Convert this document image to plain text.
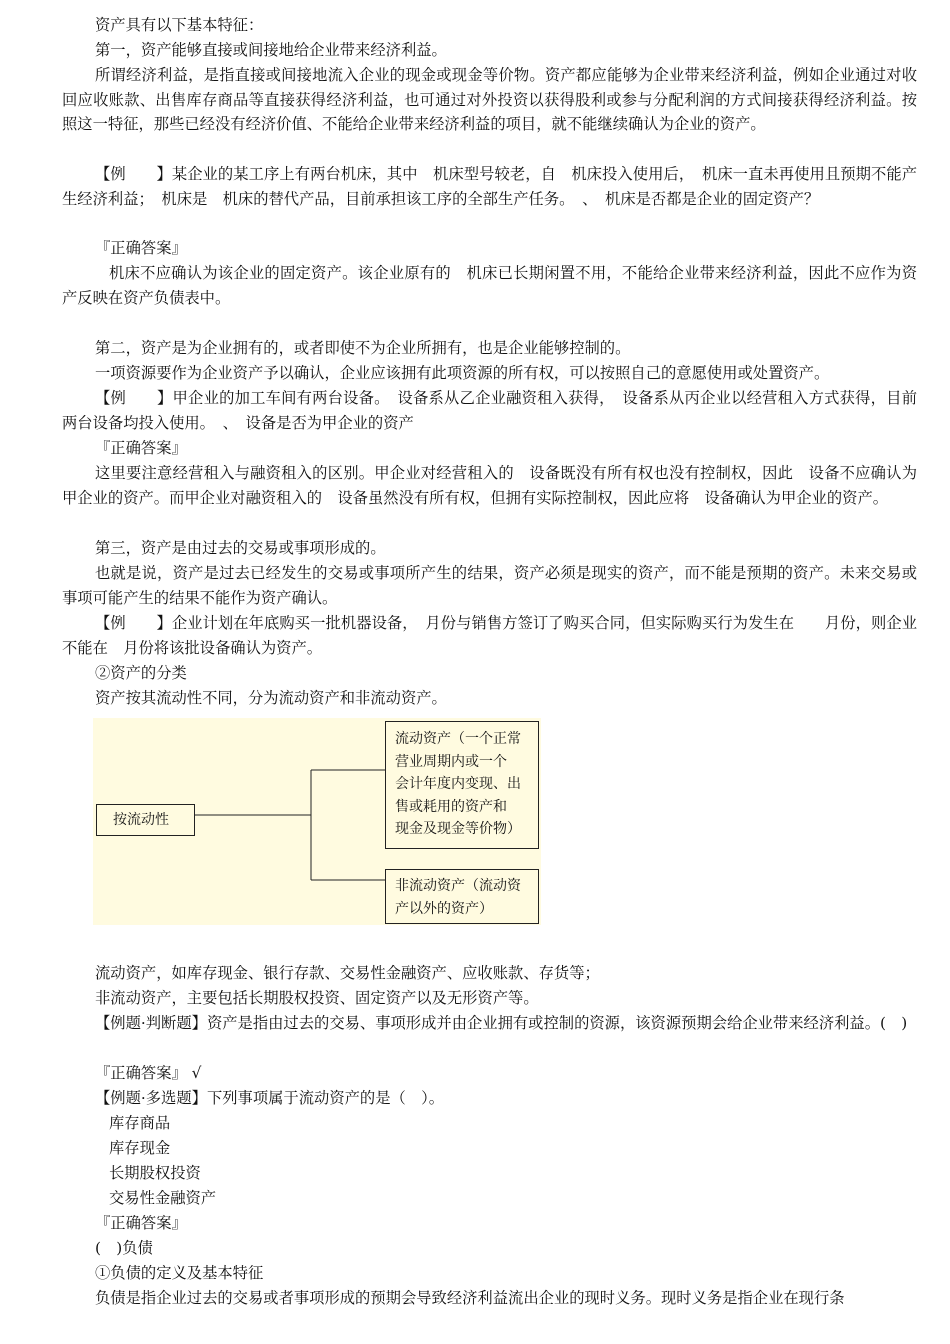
资产具有以下基本特征：
第一，资产能够直接或间接地给企业带来经济利益。
所谓经济利益，是指直接或间接地流入企业的现金或现金等价物。资产都应能够为企业带来经济利益，例如企业通过对收回应收账款、出售库存商品等直接获得经济利益，也可通过对外投资以获得股利或参与分配利润的方式间接获得经济利益。按照这一特征，那些已经没有经济价值、不能给企业带来经济利益的项目，就不能继续确认为企业的资产。
【例　　】某企业的某工序上有两台机床，其中　机床型号较老，自　机床投入使用后，　机床一直未再使用且预期不能产生经济利益；　机床是　机床的替代产品，目前承担该工序的全部生产任务。　、　机床是否都是企业的固定资产？
『正确答案』
机床不应确认为该企业的固定资产。该企业原有的　机床已长期闲置不用，不能给企业带来经济利益，因此不应作为资产反映在资产负债表中。
第二，资产是为企业拥有的，或者即使不为企业所拥有，也是企业能够控制的。
一项资源要作为企业资产予以确认，企业应该拥有此项资源的所有权，可以按照自己的意愿使用或处置资产。
【例　　】甲企业的加工车间有两台设备。　设备系从乙企业融资租入获得，　设备系从丙企业以经营租入方式获得，目前两台设备均投入使用。　、　设备是否为甲企业的资产
『正确答案』
这里要注意经营租入与融资租入的区别。甲企业对经营租入的　设备既没有所有权也没有控制权，因此　设备不应确认为甲企业的资产。而甲企业对融资租入的　设备虽然没有所有权，但拥有实际控制权，因此应将　设备确认为甲企业的资产。
第三，资产是由过去的交易或事项形成的。
也就是说，资产是过去已经发生的交易或事项所产生的结果，资产必须是现实的资产，而不能是预期的资产。未来交易或事项可能产生的结果不能作为资产确认。
【例　　】企业计划在年底购买一批机器设备，　月份与销售方签订了购买合同，但实际购买行为发生在　　月份，则企业不能在　月份将该批设备确认为资产。
②资产的分类
资产按其流动性不同，分为流动资产和非流动资产。
按流动性
流动资产（一个正常
营业周期内或一个
会计年度内变现、出
售或耗用的资产和
现金及现金等价物）
非流动资产（流动资
产以外的资产）
流动资产，如库存现金、银行存款、交易性金融资产、应收账款、存货等；
非流动资产，主要包括长期股权投资、固定资产以及无形资产等。
【例题·判断题】资产是指由过去的交易、事项形成并由企业拥有或控制的资源，该资源预期会给企业带来经济利益。(　)
『正确答案』 √
【例题·多选题】下列事项属于流动资产的是（　）。
库存商品
库存现金
长期股权投资
交易性金融资产
『正确答案』
(　)负债
①负债的定义及基本特征
负债是指企业过去的交易或者事项形成的预期会导致经济利益流出企业的现时义务。现时义务是指企业在现行条
